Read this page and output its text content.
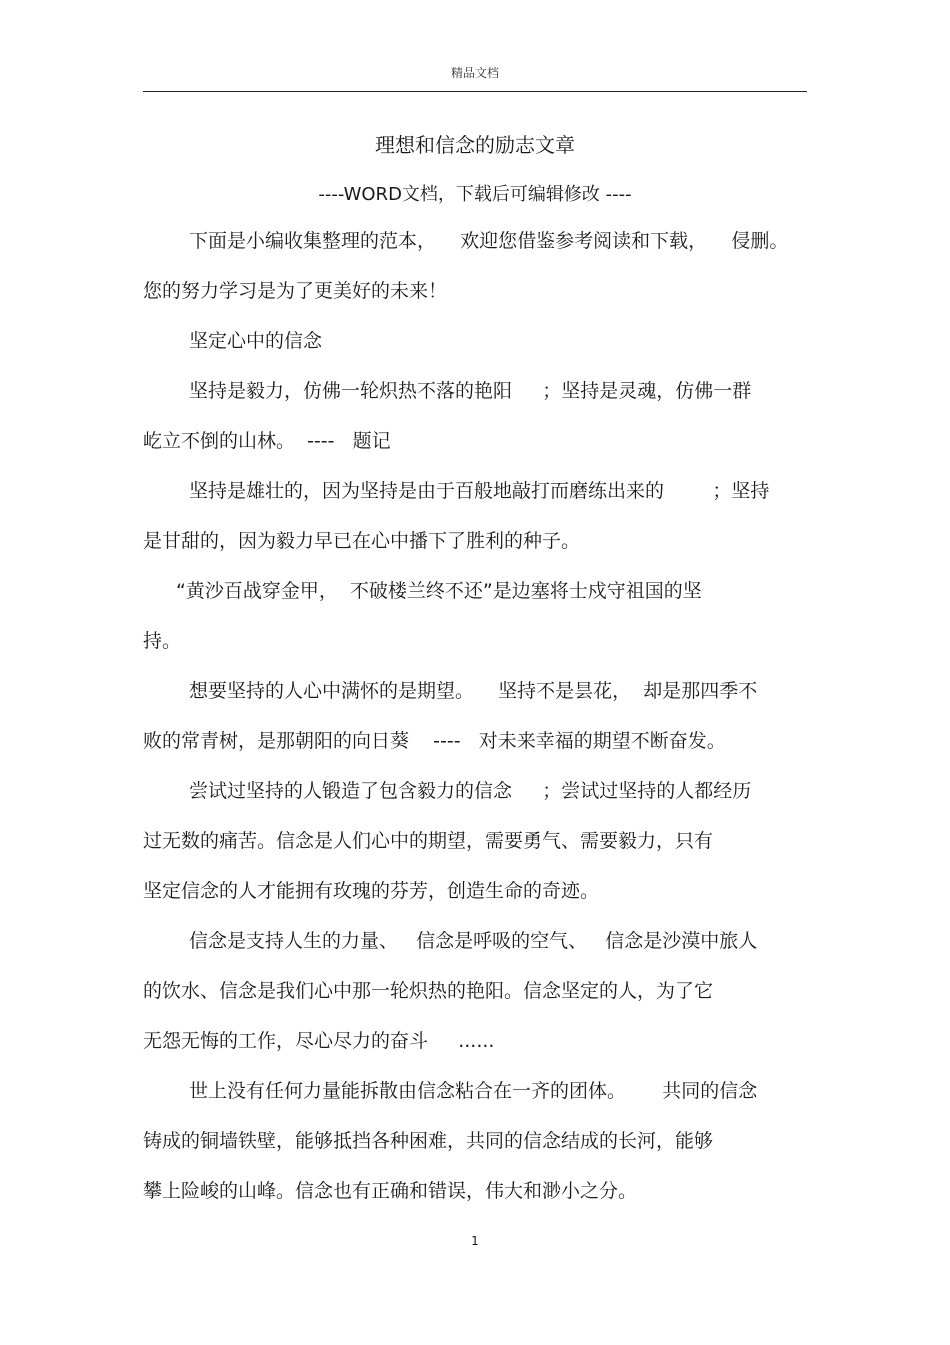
精品文档
理想和信念的励志文章
----WORD文档，下载后可编辑修改 ----
下面是小编收集整理的范本，    欢迎您借鉴参考阅读和下载，    侵删。
您的努力学习是为了更美好的未来！
坚定心中的信念
坚持是毅力，仿佛一轮炽热不落的艳阳     ；坚持是灵魂，仿佛一群
屹立不倒的山林。  ----   题记
坚持是雄壮的，因为坚持是由于百般地敲打而磨练出来的        ；坚持
是甘甜的，因为毅力早已在心中播下了胜利的种子。
“黄沙百战穿金甲，  不破楼兰终不还”是边塞将士戍守祖国的坚
持。
想要坚持的人心中满怀的是期望。    坚持不是昙花，  却是那四季不
败的常青树，是那朝阳的向日葵    ----   对未来幸福的期望不断奋发。
尝试过坚持的人锻造了包含毅力的信念     ；尝试过坚持的人都经历
过无数的痛苦。信念是人们心中的期望，需要勇气、需要毅力，只有
坚定信念的人才能拥有玫瑰的芬芳，创造生命的奇迹。
信念是支持人生的力量、   信念是呼吸的空气、   信念是沙漠中旅人
的饮水、信念是我们心中那一轮炽热的艳阳。信念坚定的人，为了它
无怨无悔的工作，尽心尽力的奋斗     ......
世上没有任何力量能拆散由信念粘合在一齐的团体。      共同的信念
铸成的铜墙铁壁，能够抵挡各种困难，共同的信念结成的长河，能够
攀上险峻的山峰。信念也有正确和错误，伟大和渺小之分。
1
